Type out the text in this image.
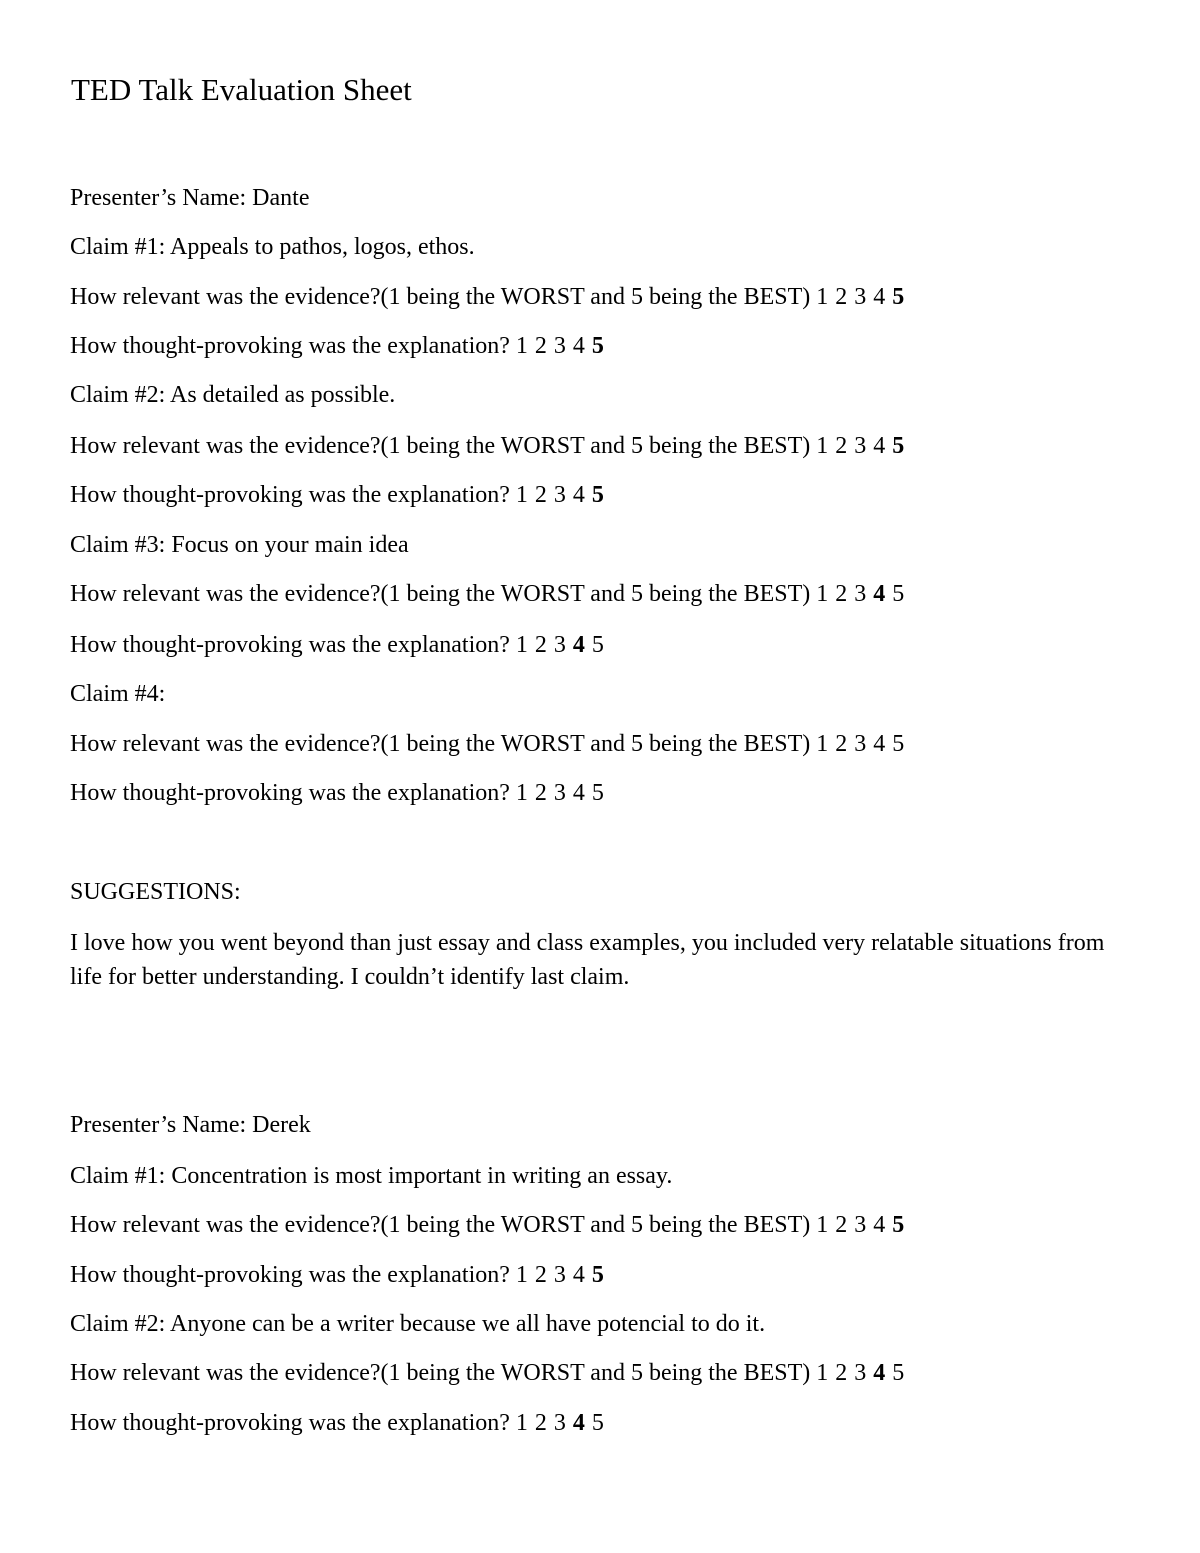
TED Talk Evaluation Sheet
Presenter’s Name: Dante
Claim #1: Appeals to pathos, logos, ethos.
How relevant was the evidence?(1 being the WORST and 5 being the BEST) 1 2 3 4 5
How thought-provoking was the explanation? 1 2 3 4 5
Claim #2: As detailed as possible.
How relevant was the evidence?(1 being the WORST and 5 being the BEST) 1 2 3 4 5
How thought-provoking was the explanation? 1 2 3 4 5
Claim #3: Focus on your main idea
How relevant was the evidence?(1 being the WORST and 5 being the BEST) 1 2 3 4 5
How thought-provoking was the explanation? 1 2 3 4 5
Claim #4:
How relevant was the evidence?(1 being the WORST and 5 being the BEST) 1 2 3 4 5
How thought-provoking was the explanation? 1 2 3 4 5
SUGGESTIONS:
I love how you went beyond than just essay and class examples, you included very relatable situations from life for better understanding. I couldn’t identify last claim.
Presenter’s Name: Derek
Claim #1: Concentration is most important in writing an essay.
How relevant was the evidence?(1 being the WORST and 5 being the BEST) 1 2 3 4 5
How thought-provoking was the explanation? 1 2 3 4 5
Claim #2: Anyone can be a writer because we all have potencial to do it.
How relevant was the evidence?(1 being the WORST and 5 being the BEST) 1 2 3 4 5
How thought-provoking was the explanation? 1 2 3 4 5
